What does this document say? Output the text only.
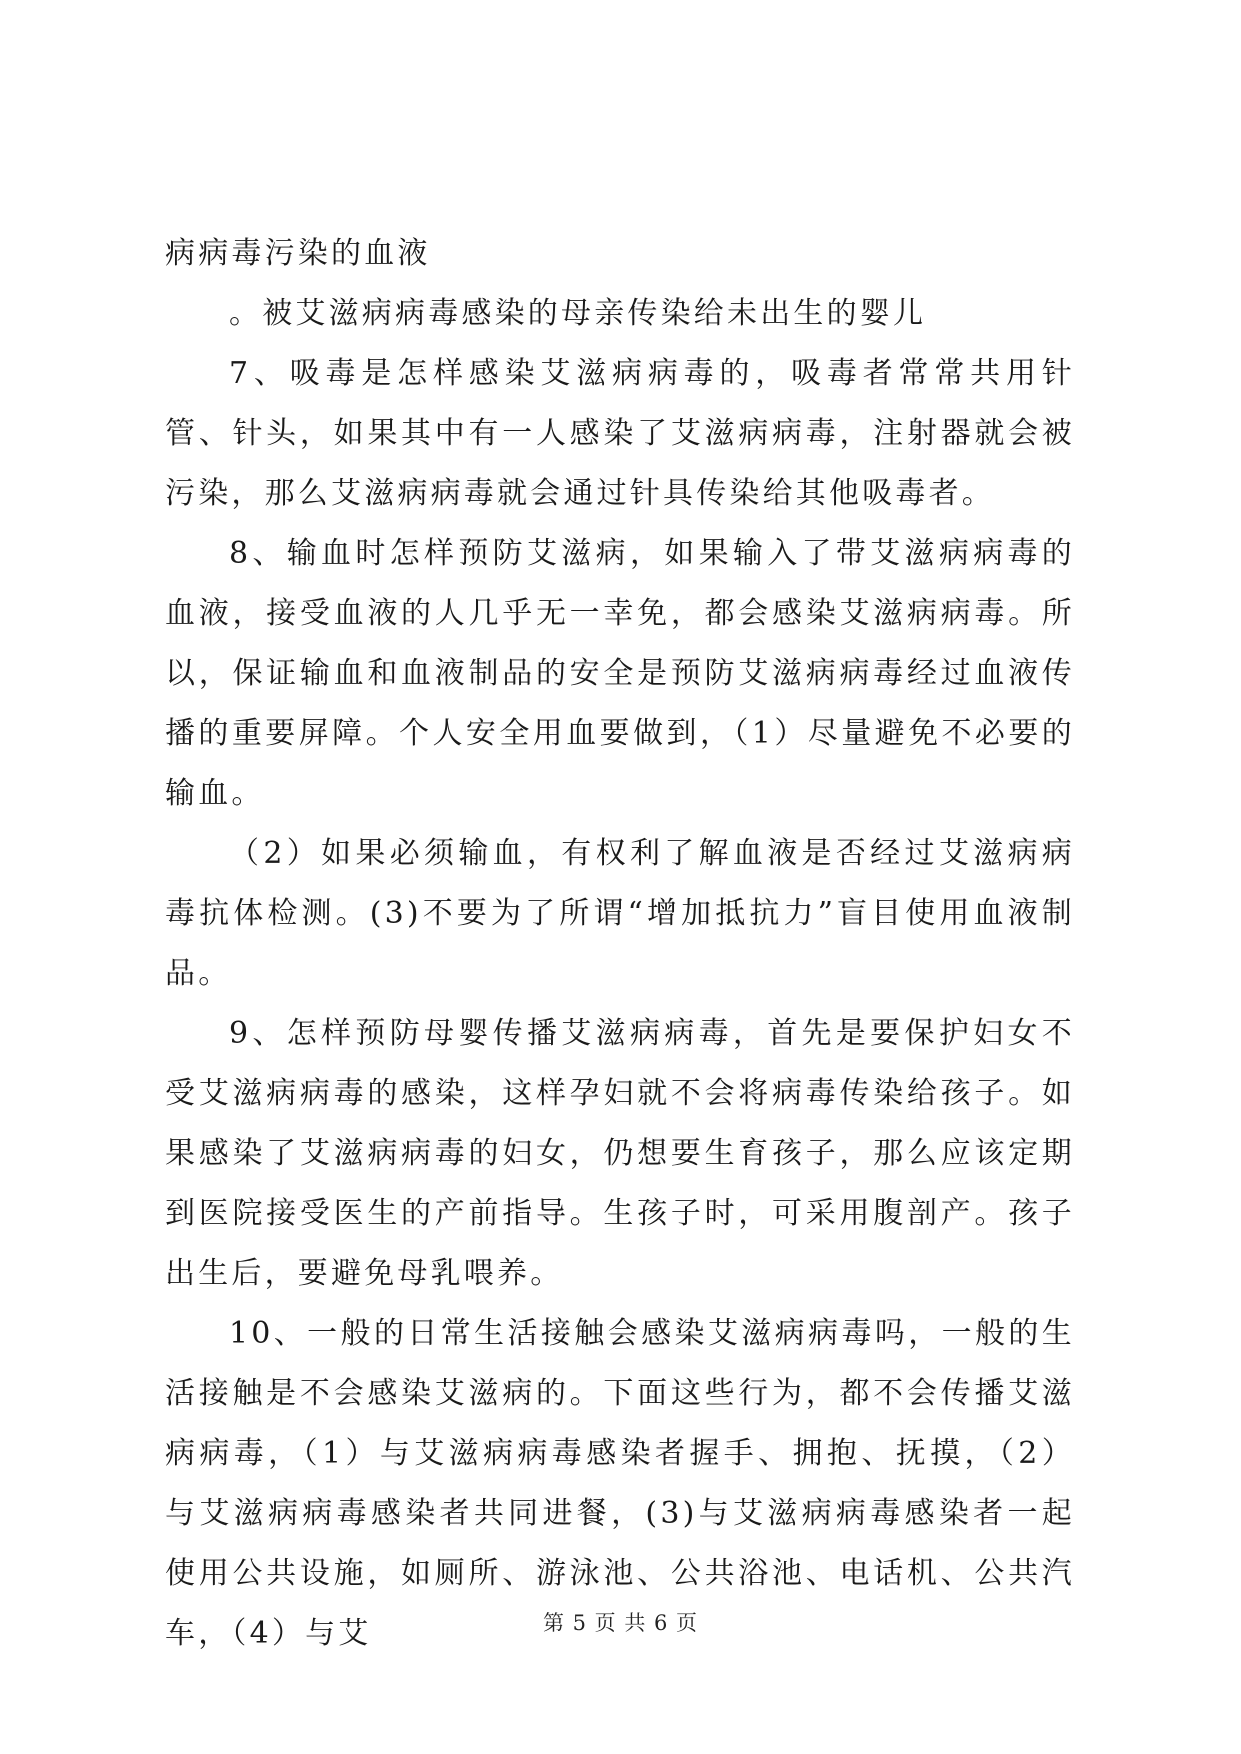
病病毒污染的血液

。被艾滋病病毒感染的母亲传染给未出生的婴儿

7、吸毒是怎样感染艾滋病病毒的，吸毒者常常共用针管、针头，如果其中有一人感染了艾滋病病毒，注射器就会被污染，那么艾滋病病毒就会通过针具传染给其他吸毒者。

8、输血时怎样预防艾滋病，如果输入了带艾滋病病毒的血液，接受血液的人几乎无一幸免，都会感染艾滋病病毒。所以，保证输血和血液制品的安全是预防艾滋病病毒经过血液传播的重要屏障。个人安全用血要做到，（1）尽量避免不必要的输血。

（2）如果必须输血，有权利了解血液是否经过艾滋病病毒抗体检测。(3)不要为了所谓“增加抵抗力”盲目使用血液制品。

9、怎样预防母婴传播艾滋病病毒，首先是要保护妇女不受艾滋病病毒的感染，这样孕妇就不会将病毒传染给孩子。如果感染了艾滋病病毒的妇女，仍想要生育孩子，那么应该定期到医院接受医生的产前指导。生孩子时，可采用腹剖产。孩子出生后，要避免母乳喂养。

10、一般的日常生活接触会感染艾滋病病毒吗，一般的生活接触是不会感染艾滋病的。下面这些行为，都不会传播艾滋病病毒，（1）与艾滋病病毒感染者握手、拥抱、抚摸，（2）与艾滋病病毒感染者共同进餐，(3)与艾滋病病毒感染者一起使用公共设施，如厕所、游泳池、公共浴池、电话机、公共汽车，（4）与艾	第 5 页 共 6 页
